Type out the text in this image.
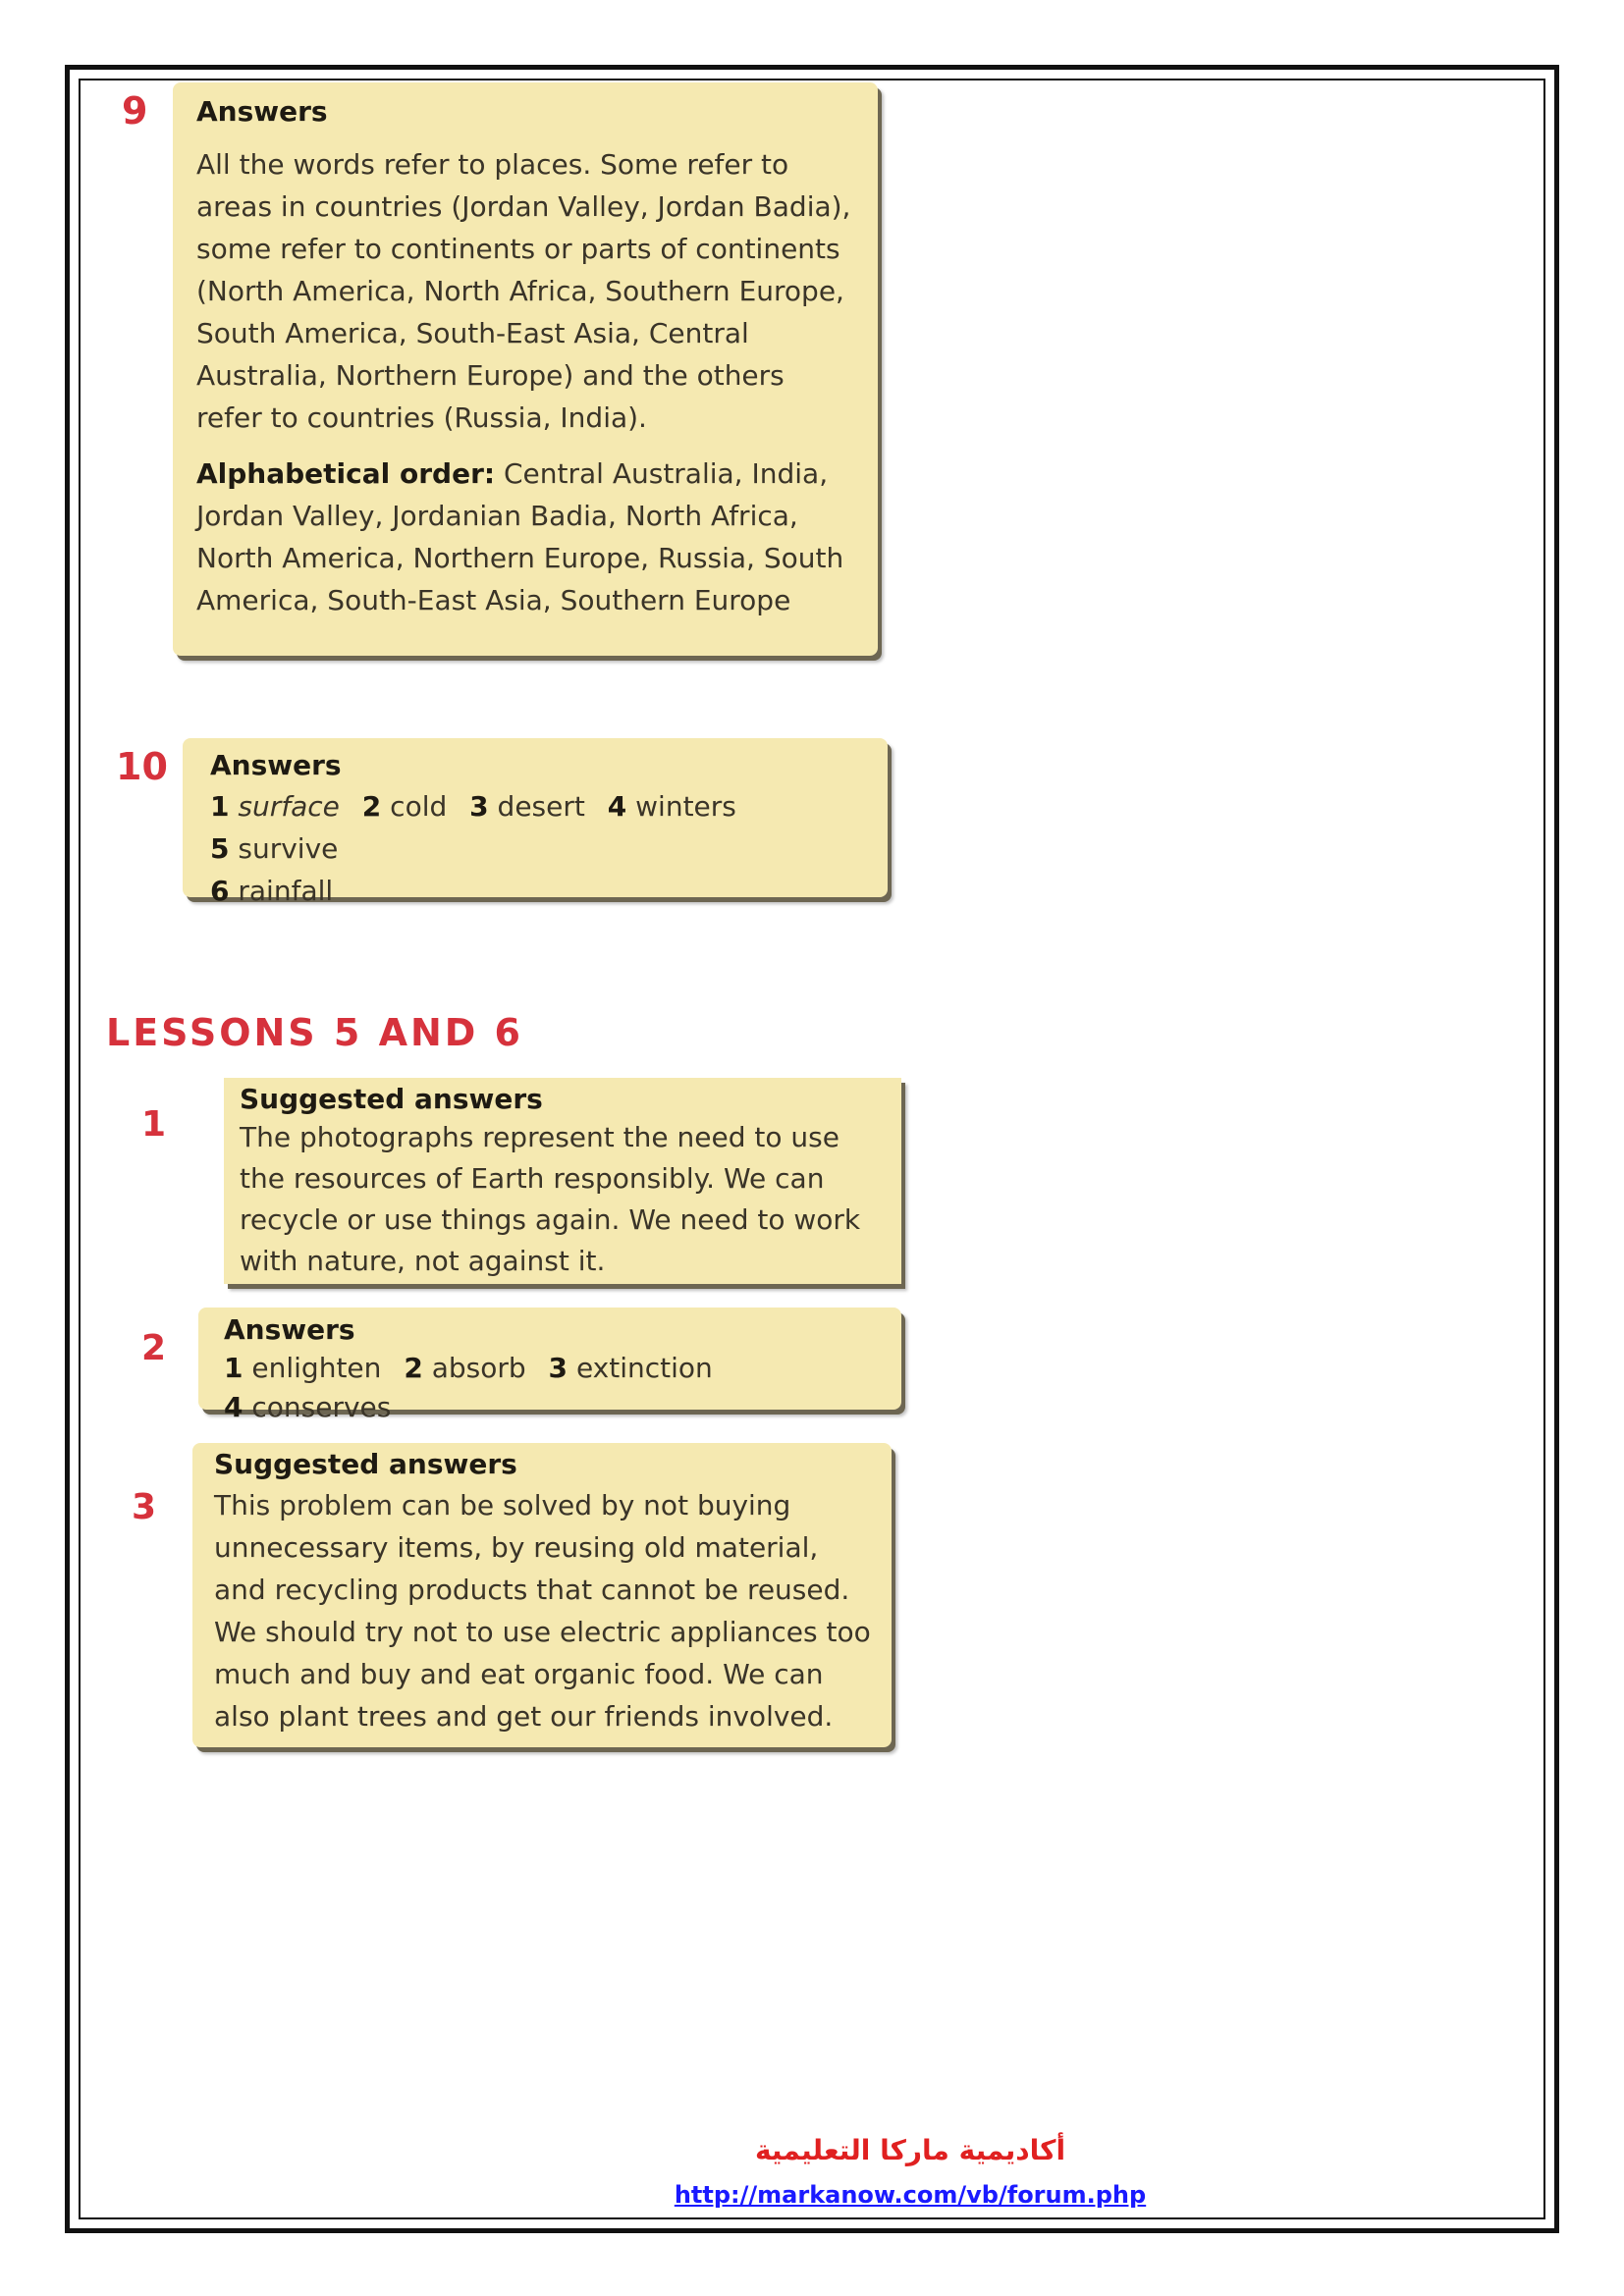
9 Answers

All the words refer to places. Some refer to areas in countries (Jordan Valley, Jordan Badia), some refer to continents or parts of continents (North America, North Africa, Southern Europe, South America, South-East Asia, Central Australia, Northern Europe) and the others refer to countries (Russia, India).

Alphabetical order: Central Australia, India, Jordan Valley, Jordanian Badia, North Africa, North America, Northern Europe, Russia, South America, South-East Asia, Southern Europe

10 Answers

1 surface 2 cold 3 desert 4 winters 5 survive
6 rainfall

LESSONS 5 AND 6
1
Suggested answers

The photographs represent the need to use the resources of Earth responsibly. We can recycle or use things again. We need to work with nature, not against it.

2 Answers

1 enlighten 2 absorb 3 extinction 4 conserves

3
Suggested answers

This problem can be solved by not buying unnecessary items, by reusing old material, and recycling products that cannot be reused. We should try not to use electric appliances too much and buy and eat organic food. We can also plant trees and get our friends involved.

أكاديمية ماركا التعليمية
http://markanow.com/vb/forum.php
